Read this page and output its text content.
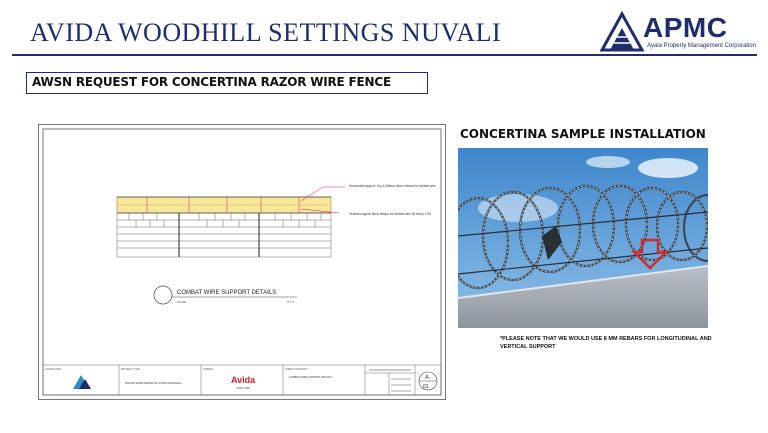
AVIDA WOODHILL SETTINGS NUVALI	APMC
Ayala Property Management Corporation
AWSN REQUEST FOR CONCERTINA RAZOR WIRE FENCE
Horizontal support: Top & Bottom 8mm rebars for barbed wire
Vertical support 8mm rebars for barbed wire @ every 1.50
COMBAT WIRE SUPPORT DETAILS
SCALE	N.T.S
CONSULTANT	PROJECT TITLE
RAZOR WIRE FENCE OF AVIDA WOODHILL
OWNER
Avida
LAND CORP.
SHEET CONTENTS
COMBAT WIRE SUPPORT DETAILS	A
01
CONCERTINA SAMPLE INSTALLATION
*PLEASE NOTE THAT WE WOULD USE 8 MM REBARS FOR LONGITUDINAL AND VERTICAL SUPPORT
